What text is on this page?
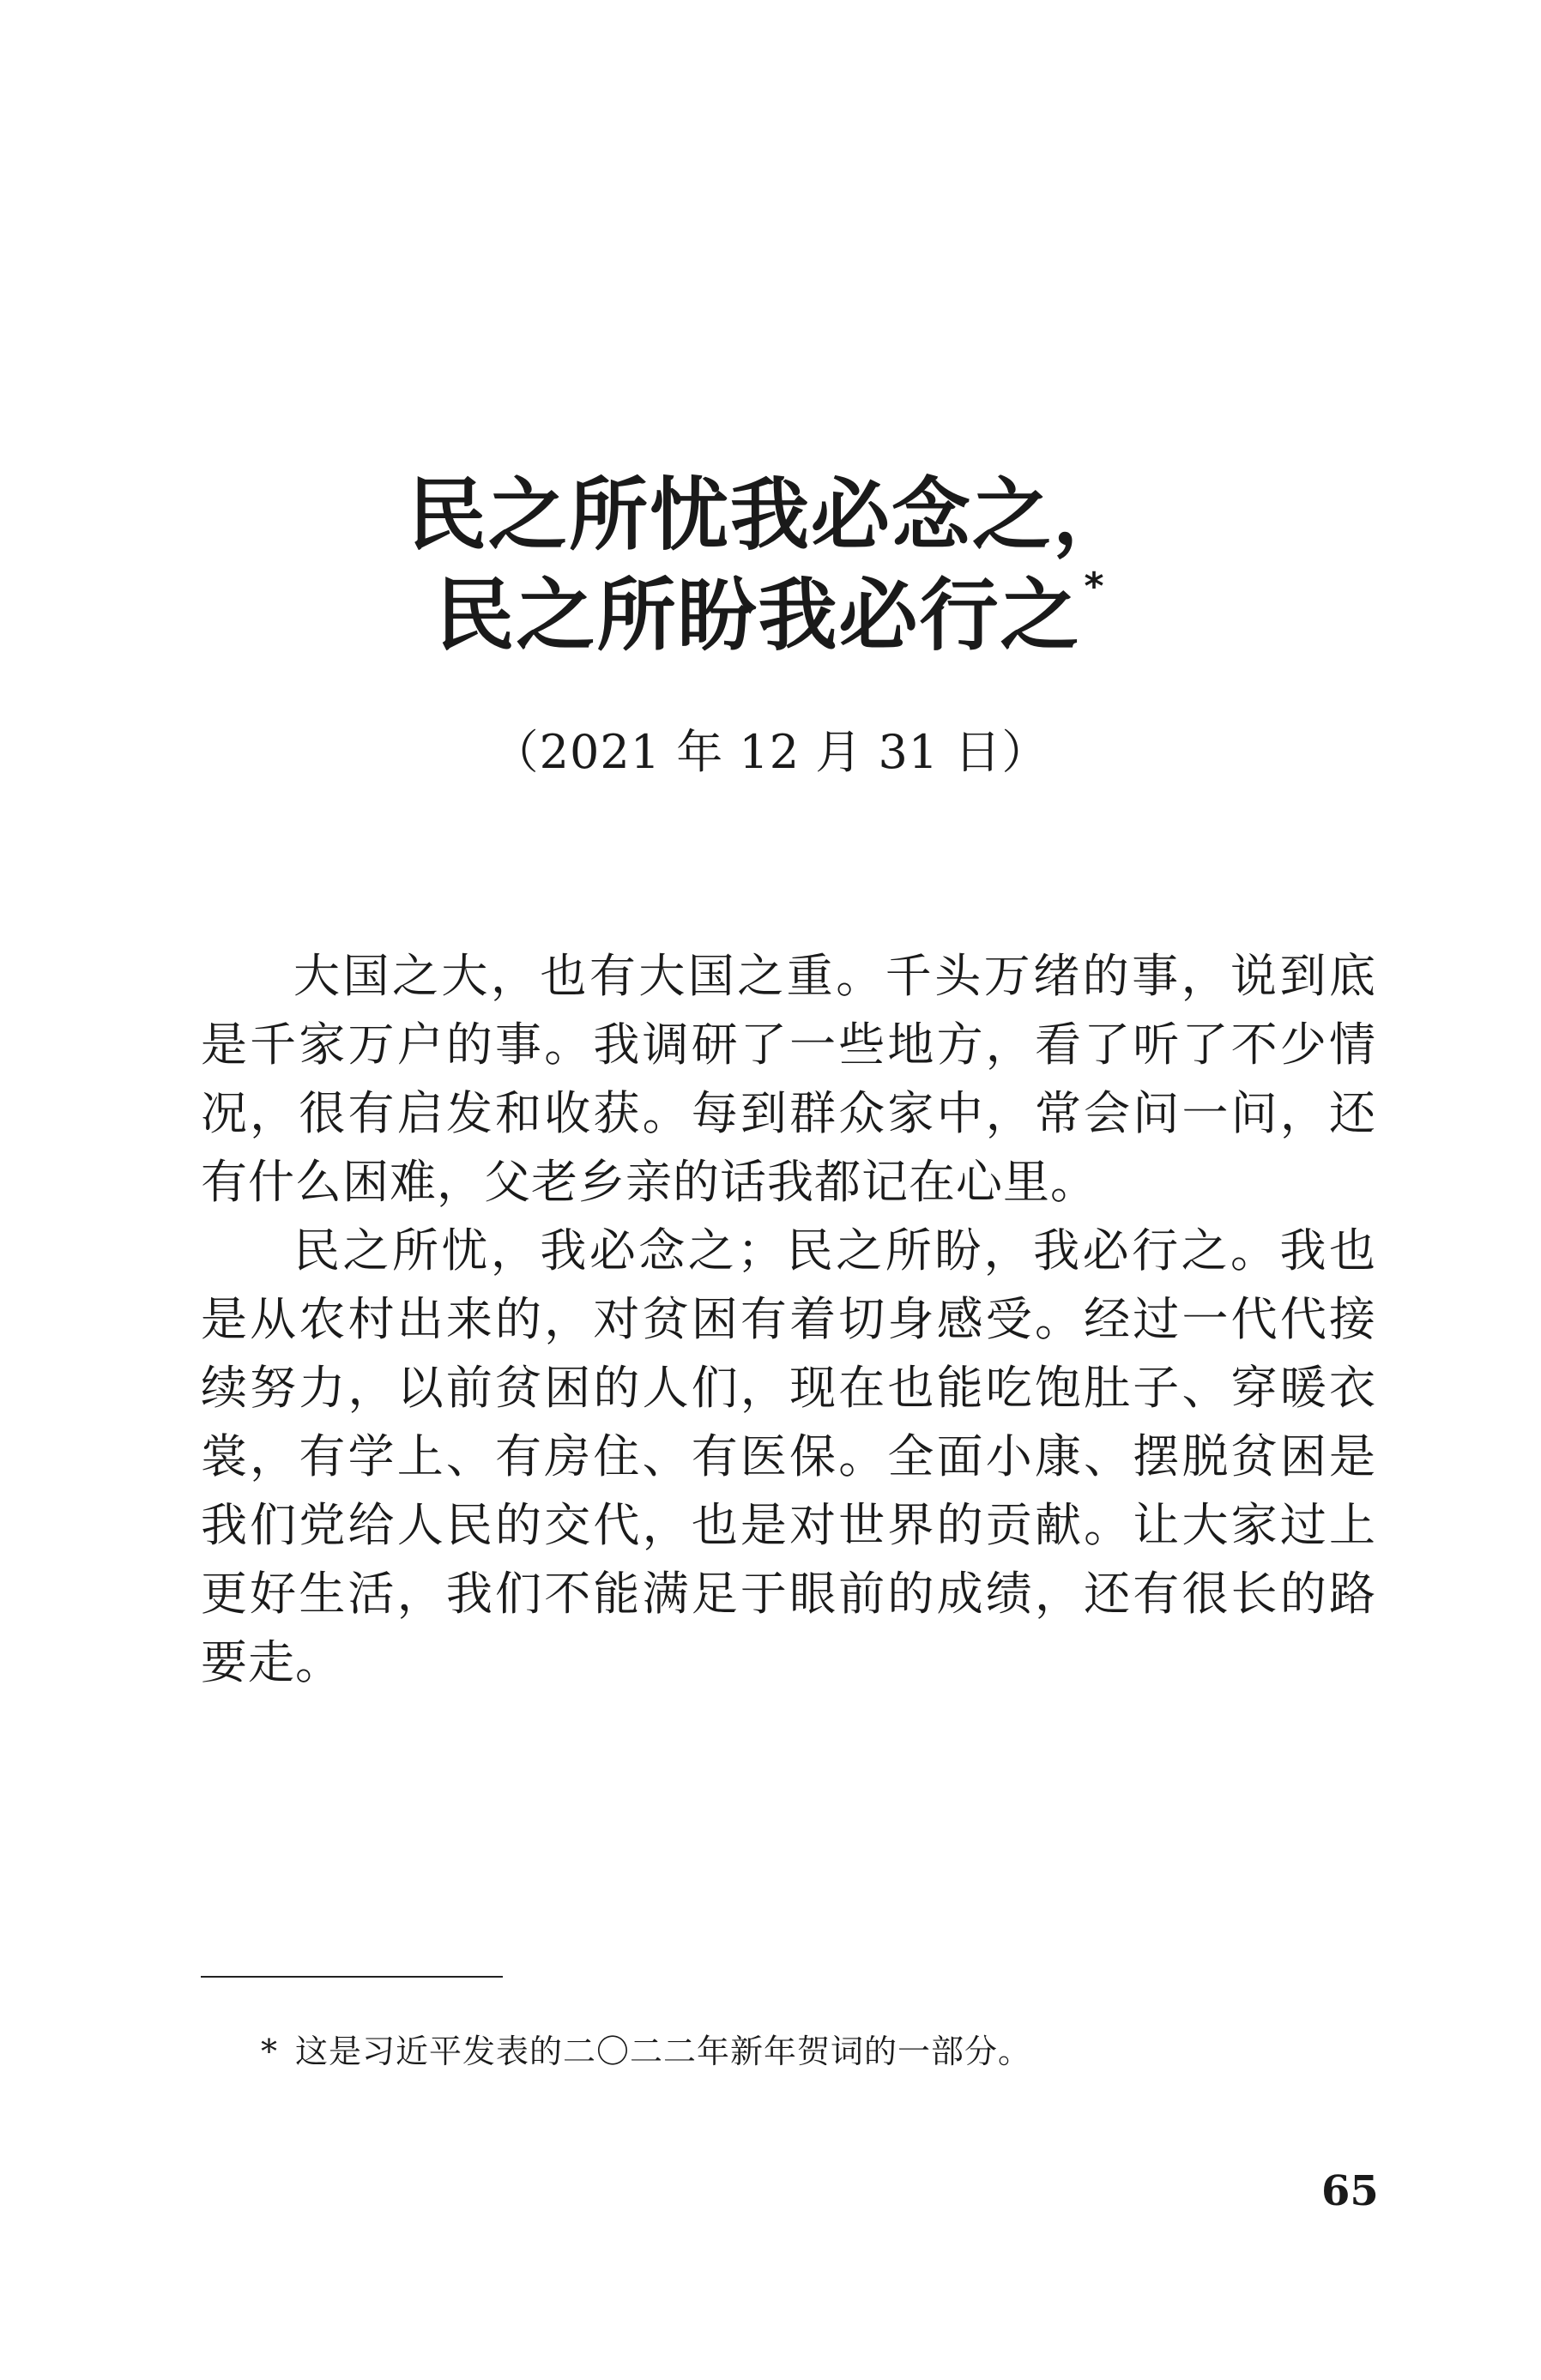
民之所忧我必念之，
民之所盼我必行之*
（2021 年 12 月 31 日）

大国之大，也有大国之重。千头万绪的事，说到底是千家万户的事。我调研了一些地方，看了听了不少情况，很有启发和收获。每到群众家中，常会问一问，还有什么困难，父老乡亲的话我都记在心里。

民之所忧，我必念之；民之所盼，我必行之。我也是从农村出来的，对贫困有着切身感受。经过一代代接续努力，以前贫困的人们，现在也能吃饱肚子、穿暖衣裳，有学上、有房住、有医保。全面小康、摆脱贫困是我们党给人民的交代，也是对世界的贡献。让大家过上更好生活，我们不能满足于眼前的成绩，还有很长的路要走。

* 这是习近平发表的二〇二二年新年贺词的一部分。
65
